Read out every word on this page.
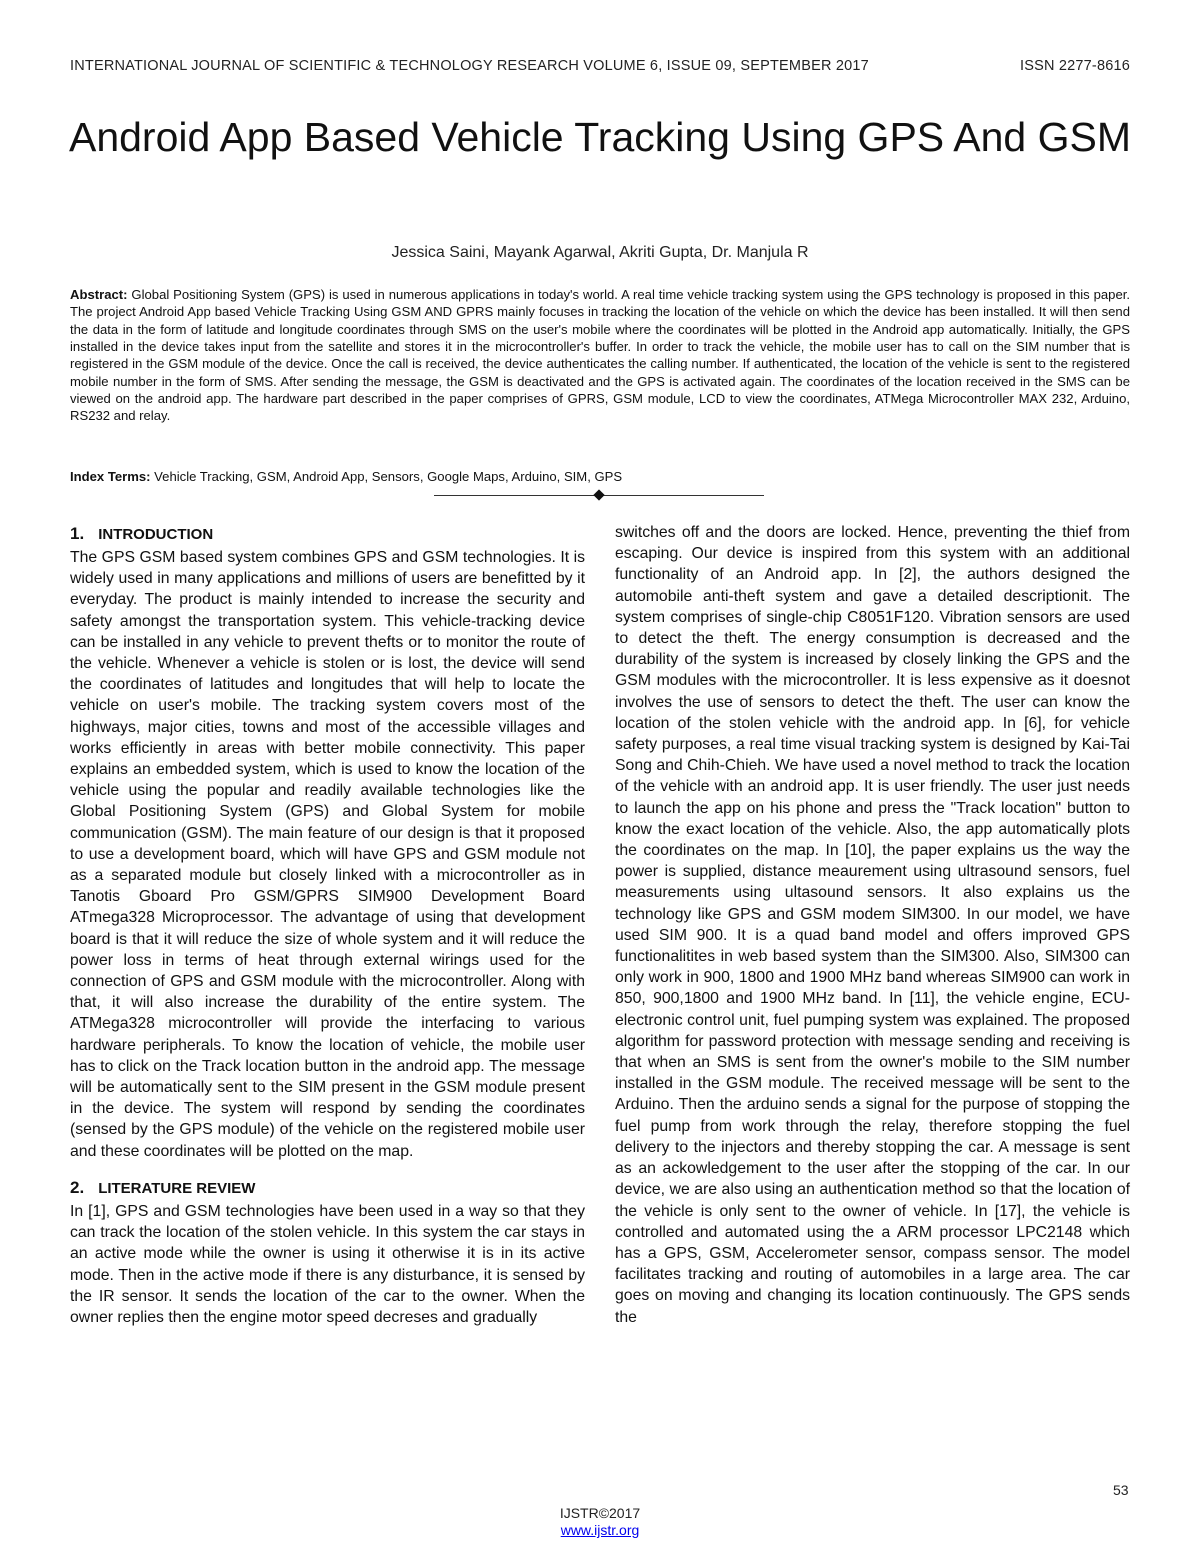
INTERNATIONAL JOURNAL OF SCIENTIFIC & TECHNOLOGY RESEARCH VOLUME 6, ISSUE 09, SEPTEMBER 2017	ISSN 2277-8616
Android App Based Vehicle Tracking Using GPS And GSM
Jessica Saini, Mayank Agarwal, Akriti Gupta, Dr. Manjula R
Abstract: Global Positioning System (GPS) is used in numerous applications in today's world. A real time vehicle tracking system using the GPS technology is proposed in this paper. The project Android App based Vehicle Tracking Using GSM AND GPRS mainly focuses in tracking the location of the vehicle on which the device has been installed. It will then send the data in the form of latitude and longitude coordinates through SMS on the user's mobile where the coordinates will be plotted in the Android app automatically. Initially, the GPS installed in the device takes input from the satellite and stores it in the microcontroller's buffer. In order to track the vehicle, the mobile user has to call on the SIM number that is registered in the GSM module of the device. Once the call is received, the device authenticates the calling number. If authenticated, the location of the vehicle is sent to the registered mobile number in the form of SMS. After sending the message, the GSM is deactivated and the GPS is activated again. The coordinates of the location received in the SMS can be viewed on the android app. The hardware part described in the paper comprises of GPRS, GSM module, LCD to view the coordinates, ATMega Microcontroller MAX 232, Arduino, RS232 and relay.
Index Terms: Vehicle Tracking, GSM, Android App, Sensors, Google Maps, Arduino, SIM, GPS
1. INTRODUCTION

The GPS GSM based system combines GPS and GSM technologies. It is widely used in many applications and millions of users are benefitted by it everyday. The product is mainly intended to increase the security and safety amongst the transportation system. This vehicle-tracking device can be installed in any vehicle to prevent thefts or to monitor the route of the vehicle. Whenever a vehicle is stolen or is lost, the device will send the coordinates of latitudes and longitudes that will help to locate the vehicle on user's mobile. The tracking system covers most of the highways, major cities, towns and most of the accessible villages and works efficiently in areas with better mobile connectivity. This paper explains an embedded system, which is used to know the location of the vehicle using the popular and readily available technologies like the Global Positioning System (GPS) and Global System for mobile communication (GSM). The main feature of our design is that it proposed to use a development board, which will have GPS and GSM module not as a separated module but closely linked with a microcontroller as in Tanotis Gboard Pro GSM/GPRS SIM900 Development Board ATmega328 Microprocessor. The advantage of using that development board is that it will reduce the size of whole system and it will reduce the power loss in terms of heat through external wirings used for the connection of GPS and GSM module with the microcontroller. Along with that, it will also increase the durability of the entire system. The ATMega328 microcontroller will provide the interfacing to various hardware peripherals. To know the location of vehicle, the mobile user has to click on the Track location button in the android app. The message will be automatically sent to the SIM present in the GSM module present in the device. The system will respond by sending the coordinates (sensed by the GPS module) of the vehicle on the registered mobile user and these coordinates will be plotted on the map.

2. LITERATURE REVIEW

In [1], GPS and GSM technologies have been used in a way so that they can track the location of the stolen vehicle. In this system the car stays in an active mode while the owner is using it otherwise it is in its active mode. Then in the active mode if there is any disturbance, it is sensed by the IR sensor. It sends the location of the car to the owner. When the owner replies then the engine motor speed decreses and gradually

switches off and the doors are locked. Hence, preventing the thief from escaping. Our device is inspired from this system with an additional functionality of an Android app. In [2], the authors designed the automobile anti-theft system and gave a detailed descriptionit. The system comprises of single-chip C8051F120. Vibration sensors are used to detect the theft. The energy consumption is decreased and the durability of the system is increased by closely linking the GPS and the GSM modules with the microcontroller. It is less expensive as it doesnot involves the use of sensors to detect the theft. The user can know the location of the stolen vehicle with the android app. In [6], for vehicle safety purposes, a real time visual tracking system is designed by Kai-Tai Song and Chih-Chieh. We have used a novel method to track the location of the vehicle with an android app. It is user friendly. The user just needs to launch the app on his phone and press the "Track location" button to know the exact location of the vehicle. Also, the app automatically plots the coordinates on the map. In [10], the paper explains us the way the power is supplied, distance meaurement using ultrasound sensors, fuel measurements using ultasound sensors. It also explains us the technology like GPS and GSM modem SIM300. In our model, we have used SIM 900. It is a quad band model and offers improved GPS functionalitites in web based system than the SIM300. Also, SIM300 can only work in 900, 1800 and 1900 MHz band whereas SIM900 can work in 850, 900,1800 and 1900 MHz band. In [11], the vehicle engine, ECU-electronic control unit, fuel pumping system was explained. The proposed algorithm for password protection with message sending and receiving is that when an SMS is sent from the owner's mobile to the SIM number installed in the GSM module. The received message will be sent to the Arduino. Then the arduino sends a signal for the purpose of stopping the fuel pump from work through the relay, therefore stopping the fuel delivery to the injectors and thereby stopping the car. A message is sent as an ackowledgement to the user after the stopping of the car. In our device, we are also using an authentication method so that the location of the vehicle is only sent to the owner of vehicle. In [17], the vehicle is controlled and automated using the a ARM processor LPC2148 which has a GPS, GSM, Accelerometer sensor, compass sensor. The model facilitates tracking and routing of automobiles in a large area. The car goes on moving and changing its location continuously. The GPS sends the

53
IJSTR©2017
www.ijstr.org
